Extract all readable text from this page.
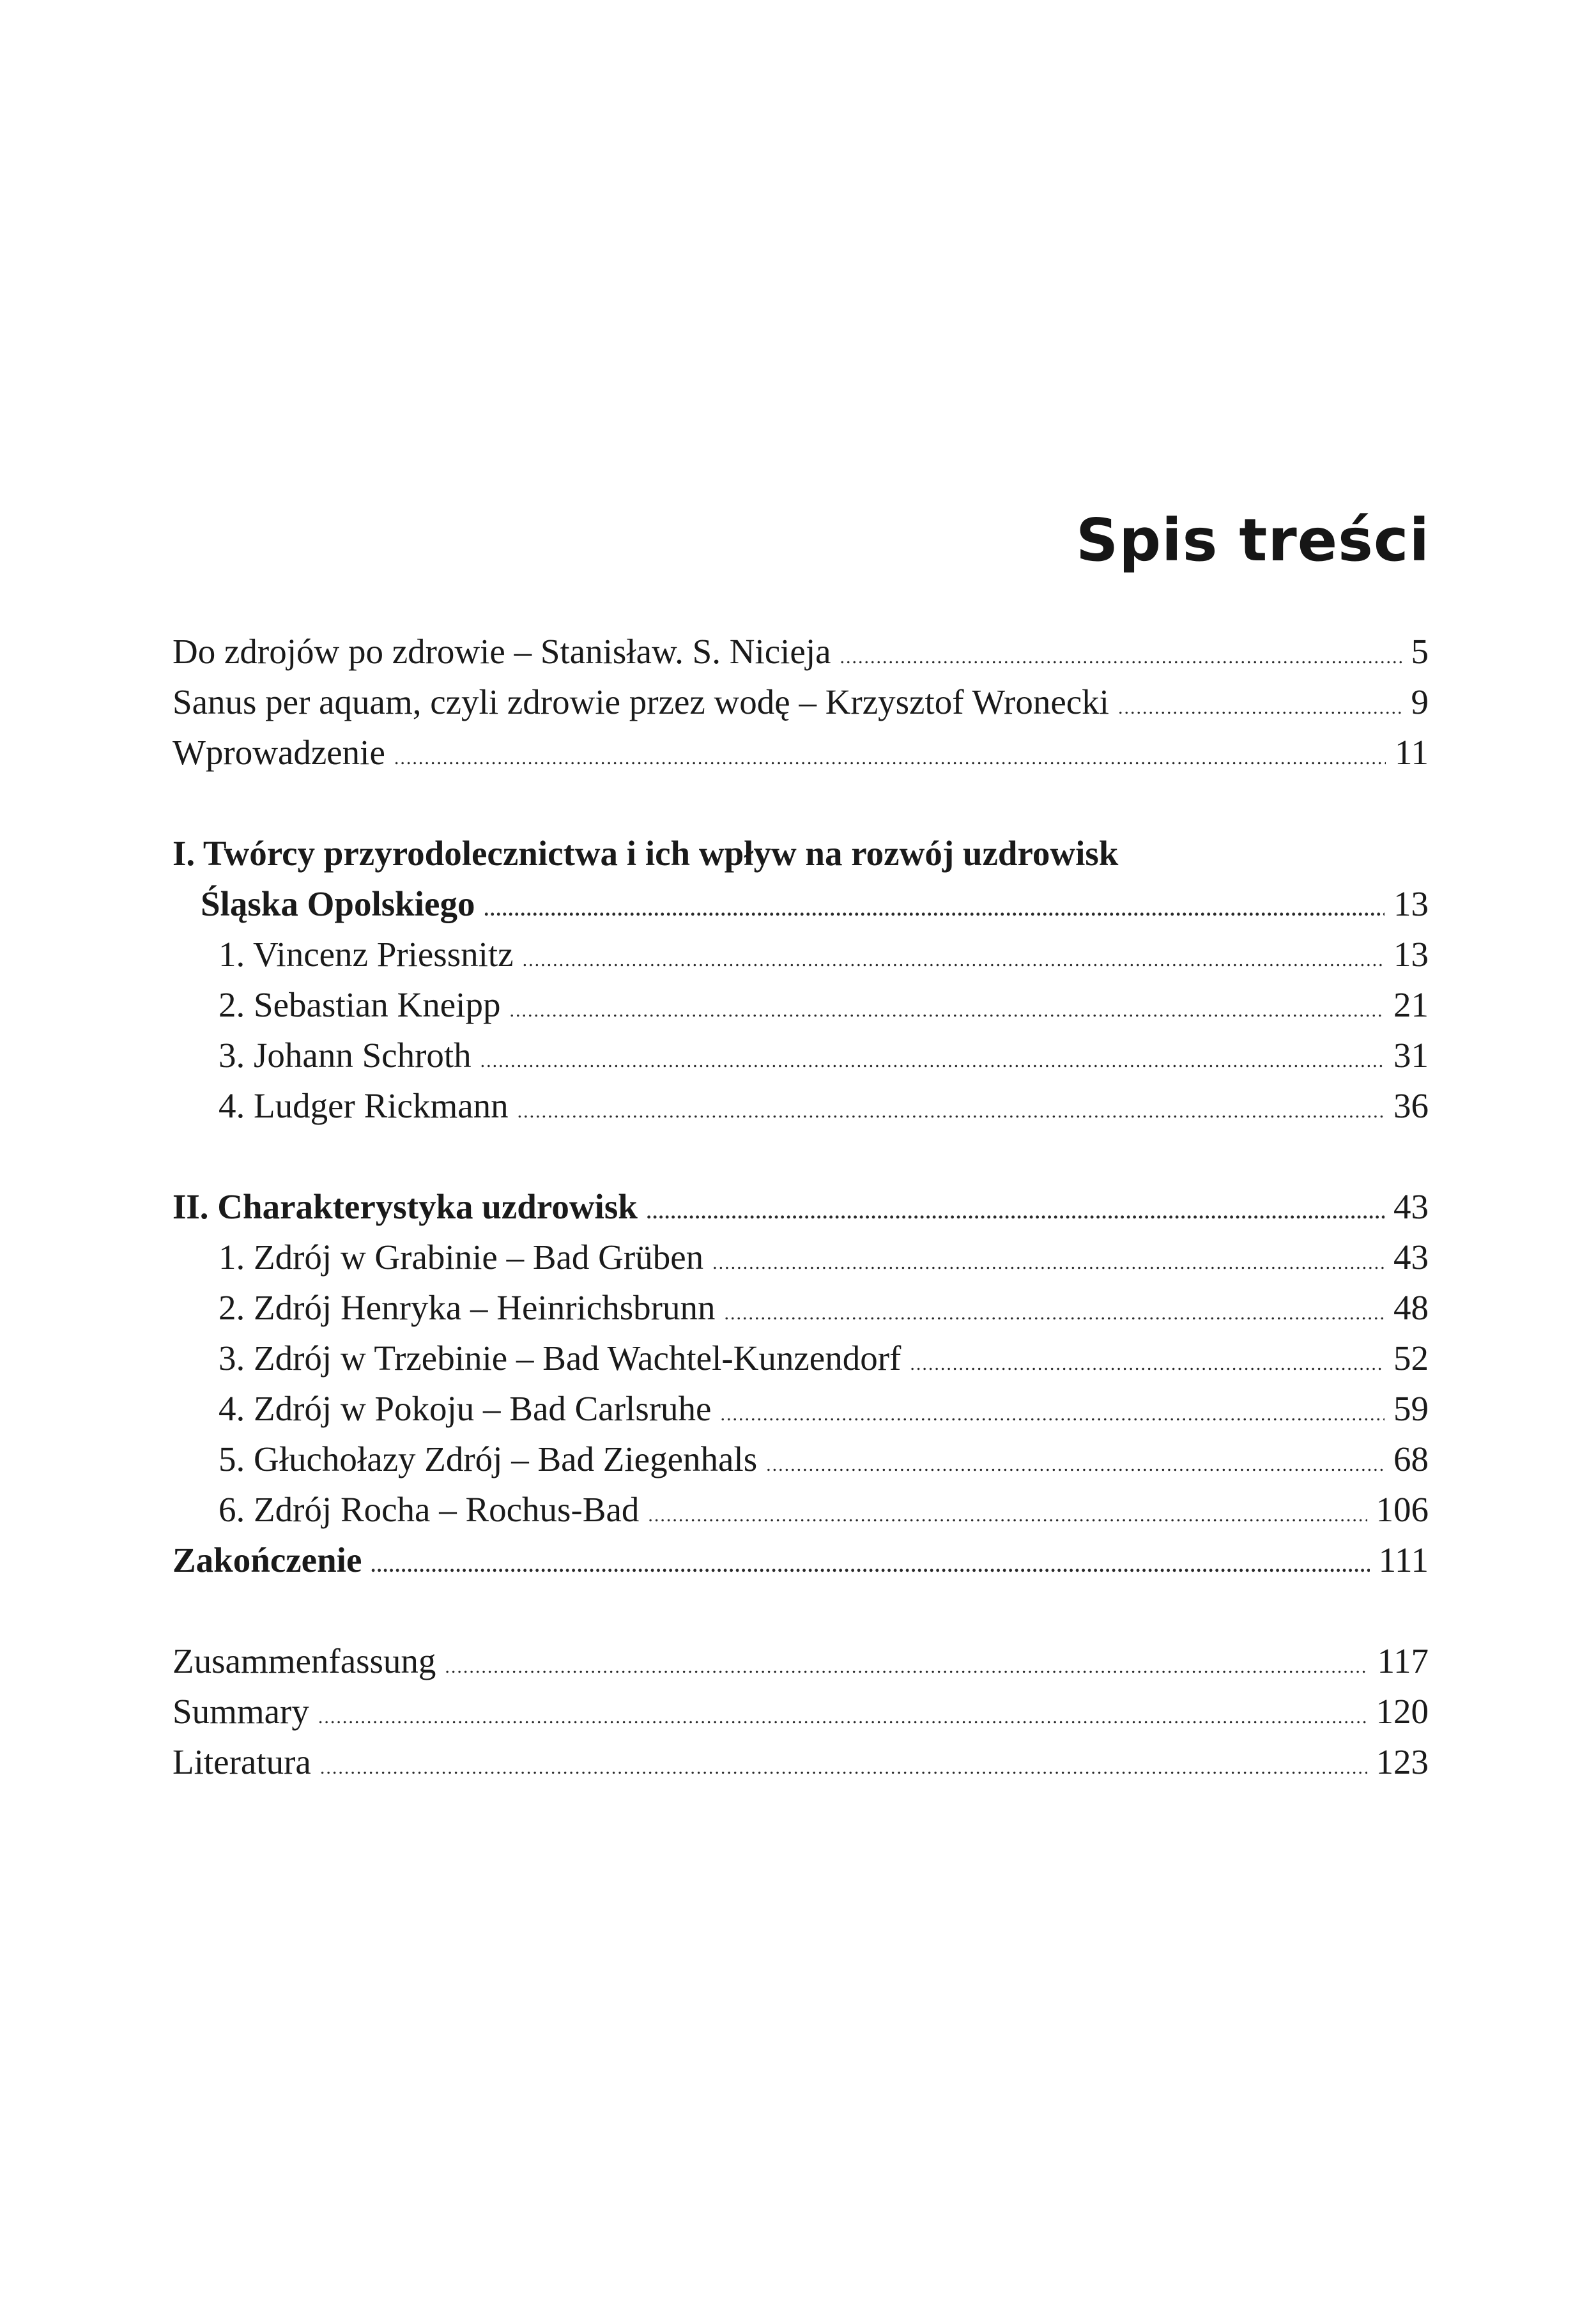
Spis treści
Do zdrojów po zdrowie – Stanisław. S. Nicieja .....	5
Sanus per aquam, czyli zdrowie przez wodę – Krzysztof Wronecki .....	9
Wprowadzenie .....	11
I. Twórcy przyrodolecznictwa i ich wpływ na rozwój uzdrowisk
Śląska Opolskiego .....	13
1. Vincenz Priessnitz .....	13
2. Sebastian Kneipp .....	21
3. Johann Schroth .....	31
4. Ludger Rickmann .....	36
II. Charakterystyka uzdrowisk .....	43
1. Zdrój w Grabinie – Bad Grüben .....	43
2. Zdrój Henryka – Heinrichsbrunn .....	48
3. Zdrój w Trzebinie – Bad Wachtel-Kunzendorf .....	52
4. Zdrój w Pokoju – Bad Carlsruhe .....	59
5. Głuchołazy Zdrój – Bad Ziegenhals .....	68
6. Zdrój Rocha – Rochus-Bad .....	106
Zakończenie .....	111
Zusammenfassung .....	117
Summary .....	120
Literatura .....	123
